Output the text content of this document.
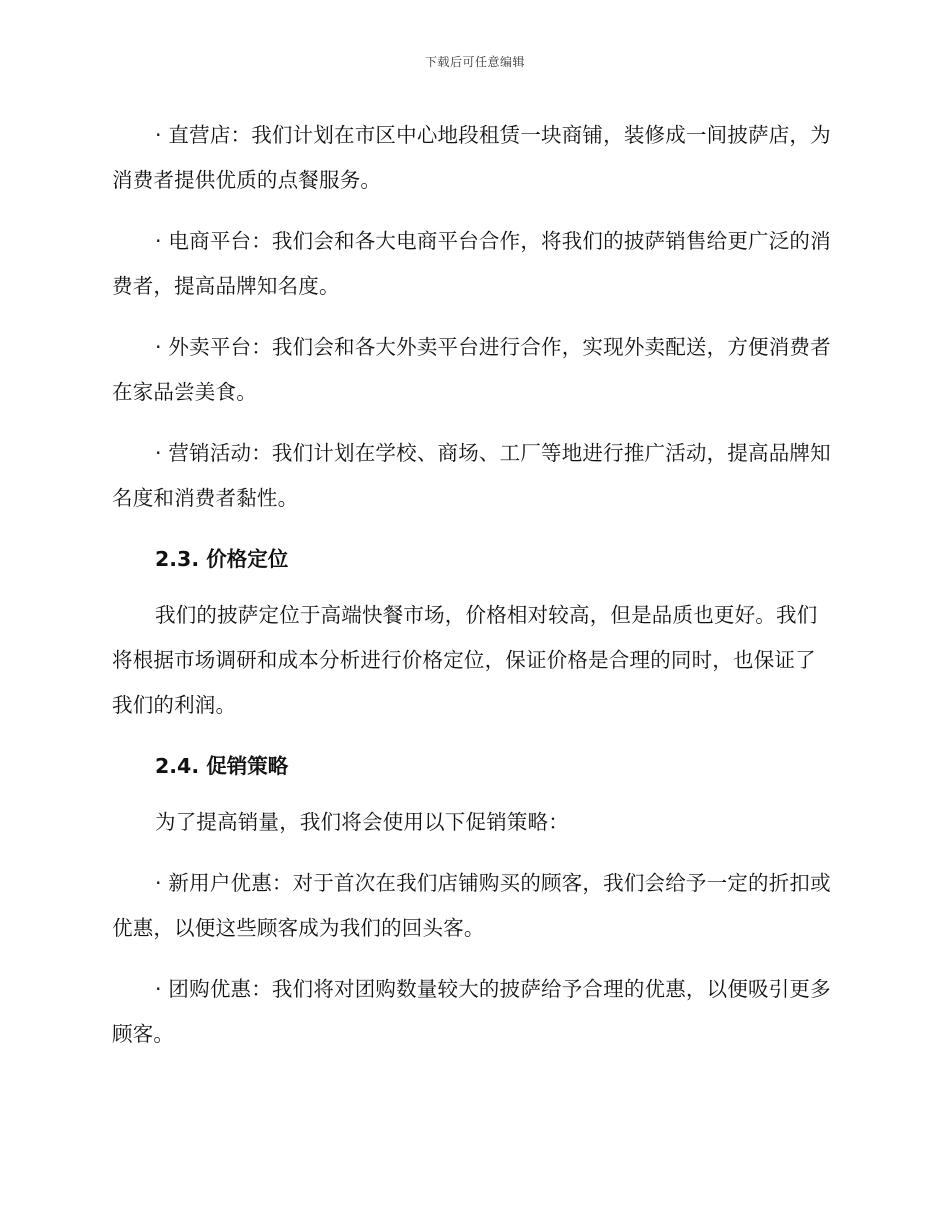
下载后可任意编辑

· 直营店：我们计划在市区中心地段租赁一块商铺，装修成一间披萨店，为消费者提供优质的点餐服务。

· 电商平台：我们会和各大电商平台合作，将我们的披萨销售给更广泛的消费者，提高品牌知名度。

· 外卖平台：我们会和各大外卖平台进行合作，实现外卖配送，方便消费者在家品尝美食。

· 营销活动：我们计划在学校、商场、工厂等地进行推广活动，提高品牌知名度和消费者黏性。

2.3. 价格定位

我们的披萨定位于高端快餐市场，价格相对较高，但是品质也更好。我们将根据市场调研和成本分析进行价格定位，保证价格是合理的同时，也保证了我们的利润。

2.4. 促销策略

为了提高销量，我们将会使用以下促销策略：

· 新用户优惠：对于首次在我们店铺购买的顾客，我们会给予一定的折扣或优惠，以便这些顾客成为我们的回头客。

· 团购优惠：我们将对团购数量较大的披萨给予合理的优惠，以便吸引更多顾客。
